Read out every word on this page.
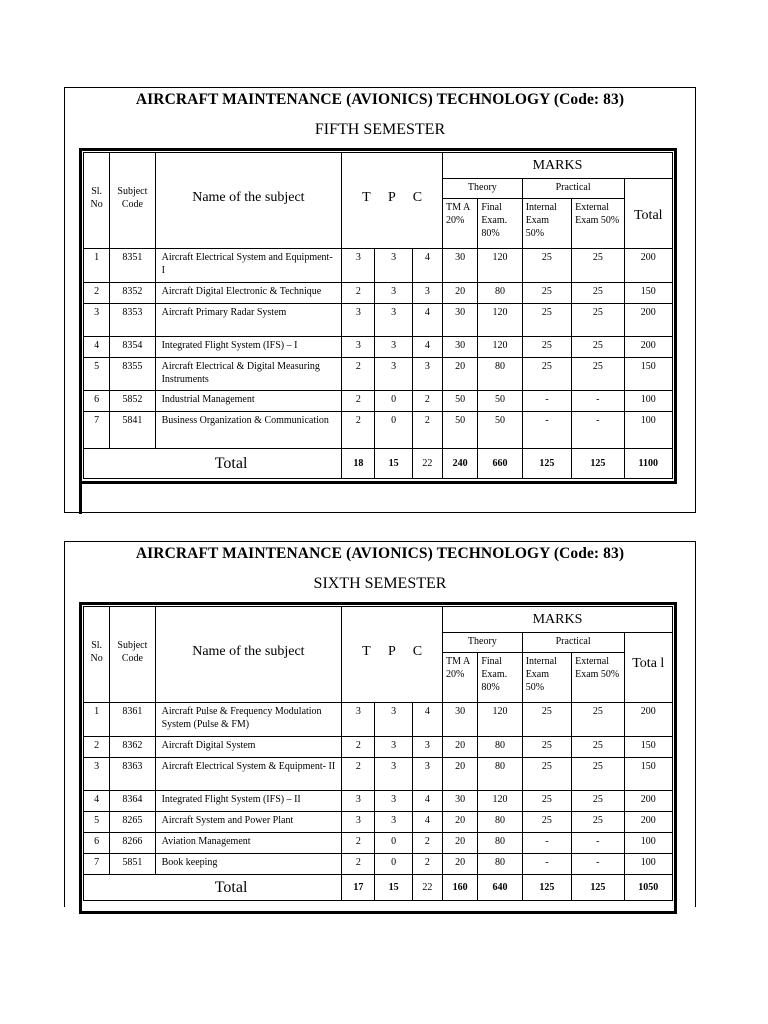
AIRCRAFT MAINTENANCE (AVIONICS) TECHNOLOGY (Code: 83)
FIFTH SEMESTER
Sl. No	Subject Code	Name of the subject	T P C			MARKS				
						Theory		Practical		Total
						TM A 20%	Final Exam. 80%	Internal Exam 50%	External Exam 50%	
1	8351	Aircraft Electrical System and Equipment- I	3	3	4	30	120	25	25	200
2	8352	Aircraft Digital Electronic & Technique	2	3	3	20	80	25	25	150
3	8353	Aircraft Primary Radar System	3	3	4	30	120	25	25	200
4	8354	Integrated Flight System (IFS) – I	3	3	4	30	120	25	25	200
5	8355	Aircraft Electrical & Digital Measuring Instruments	2	3	3	20	80	25	25	150
6	5852	Industrial Management	2	0	2	50	50	-	-	100
7	5841	Business Organization & Communication	2	0	2	50	50	-	-	100
Total			18	15	22	240	660	125	125	1100
AIRCRAFT MAINTENANCE (AVIONICS) TECHNOLOGY (Code: 83)
SIXTH SEMESTER
Sl. No	Subject Code	Name of the subject	T P C			MARKS				
						Theory		Practical		Tota l
						TM A 20%	Final Exam. 80%	Internal Exam 50%	External Exam 50%	
1	8361	Aircraft Pulse & Frequency Modulation System (Pulse & FM)	3	3	4	30	120	25	25	200
2	8362	Aircraft Digital System	2	3	3	20	80	25	25	150
3	8363	Aircraft Electrical System & Equipment- II	2	3	3	20	80	25	25	150
4	8364	Integrated Flight System (IFS) – II	3	3	4	30	120	25	25	200
5	8265	Aircraft System and Power Plant	3	3	4	20	80	25	25	200
6	8266	Aviation Management	2	0	2	20	80	-	-	100
7	5851	Book keeping	2	0	2	20	80	-	-	100
Total			17	15	22	160	640	125	125	1050
